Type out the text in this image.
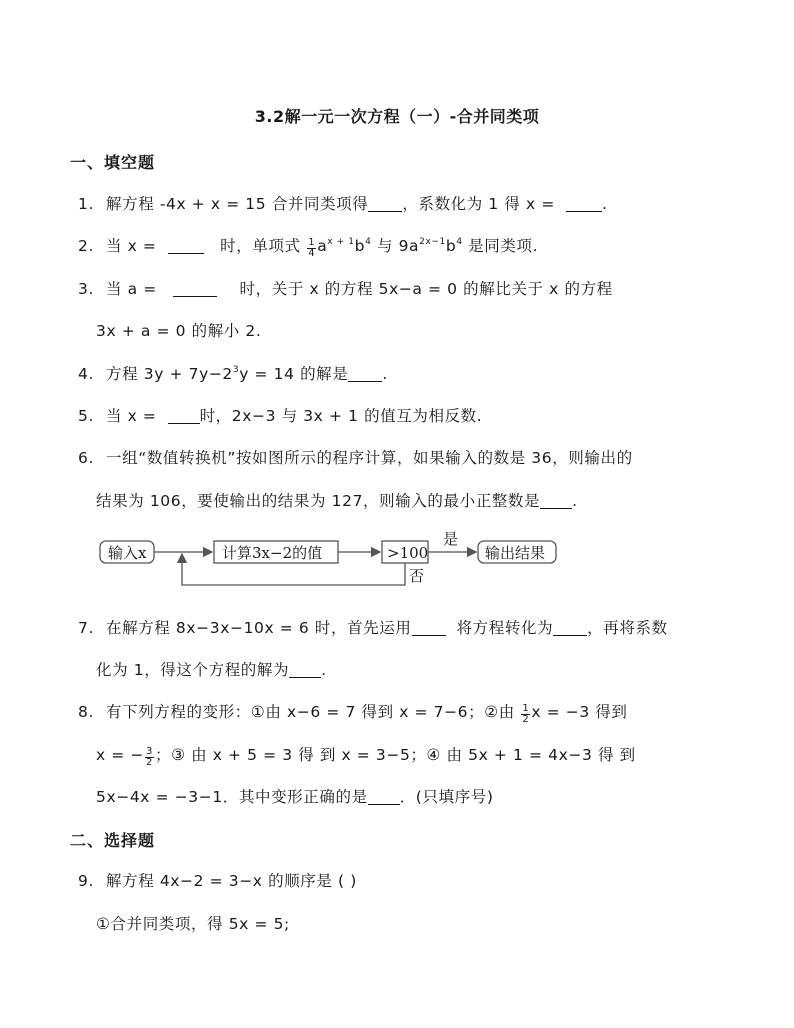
3.2解一元一次方程（一）-合并同类项
一、填空题
1. 解方程 -4x + x = 15 合并同类项得 ，系数化为 1 得 x =	.
2. 当 x =	时，单项式 $\frac{1}{4} a^{x + 1}b^4$ 与 $9a^{2x-1}b^4$ 是同类项.
3. 当 a =	时，关于 x 的方程 5x−a = 0 的解比关于 x 的方程
3x + a = 0 的解小 2.
4. 方程 $3y + 7y-2^3y = 14$ 的解是 .
5. 当 x =	时，2x−3 与 3x + 1 的值互为相反数.
6. 一组“数值转换机”按如图所示的程序计算，如果输入的数是 36，则输出的
结果为 106，要使输出的结果为 127，则输入的最小正整数是 .
输入x	计算3x−2的值	>100
是
输出结果
否
7. 在解方程 8x−3x−10x = 6 时，首先运用	将方程转化为 ，再将系数
化为 1，得这个方程的解为 .
8. 有下列方程的变形：①由 x−6 = 7 得到 x = 7−6；②由 $\frac{1}{2}$ x = −3 得到
x = − $\frac{3}{2}$ ；③ 由 x + 5 = 3 得 到 x = 3−5；④ 由 5x + 1 = 4x−3 得 到
5x−4x = −3−1．其中变形正确的是 ．(只填序号)
二、选择题
9. 解方程 4x−2 = 3−x 的顺序是 ( )
①合并同类项，得 5x = 5;
